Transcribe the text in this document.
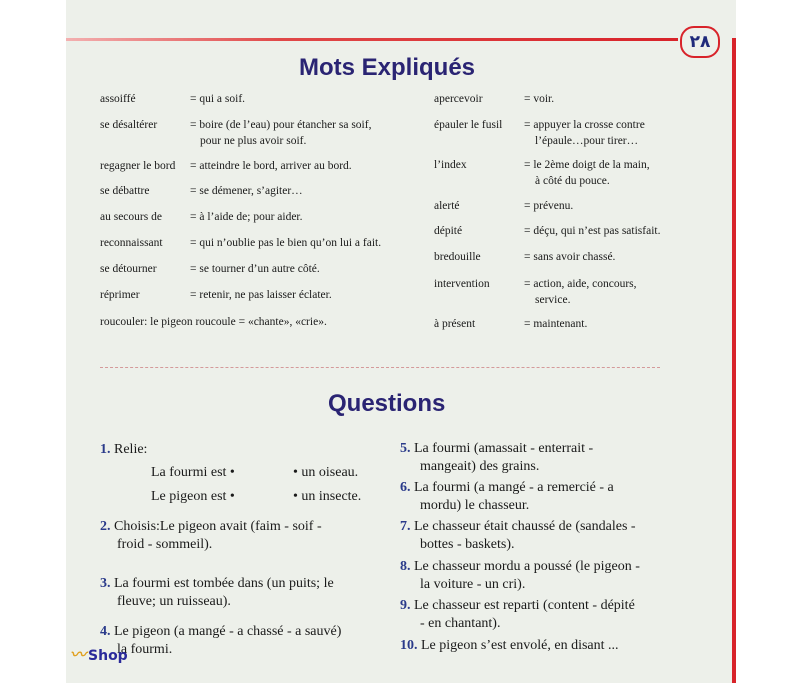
٢٨
Mots Expliqués
assoiffé	= qui a soif.
se désaltérer	= boire (de l’eau) pour étancher sa soif,
pour ne plus avoir soif.
regagner le bord = atteindre le bord, arriver au bord.
se débattre	= se démener, s’agiter…
au secours de = à l’aide de; pour aider.
reconnaissant = qui n’oublie pas le bien qu’on lui a fait.
se détourner	= se tourner d’un autre côté.
réprimer	= retenir, ne pas laisser éclater.
roucouler: le pigeon roucoule = «chante», «crie».
apercevoir	= voir.
épauler le fusil = appuyer la crosse contre
l’épaule…pour tirer…
l’index	= le 2ème doigt de la main,
à côté du pouce.
alerté	= prévenu.
dépité	= déçu, qui n’est pas satisfait.
bredouille	= sans avoir chassé.
intervention	= action, aide, concours,
service.
à présent	= maintenant.
Questions
1. Relie:
La fourmi est •	• un oiseau.
Le pigeon est •	• un insecte.
2. Choisis:Le pigeon avait (faim - soif -
froid - sommeil).
3. La fourmi est tombée dans (un puits; le
fleuve; un ruisseau).
4. Le pigeon (a mangé - a chassé - a sauvé)
la fourmi.
5. La fourmi (amassait - enterrait -
mangeait) des grains.
6. La fourmi (a mangé - a remercié - a
mordu) le chasseur.
7. Le chasseur était chaussé de (sandales -
bottes - baskets).
8. Le chasseur mordu a poussé (le pigeon -
la voiture - un cri).
9. Le chasseur est reparti (content - dépité
- en chantant).
10. Le pigeon s’est envolé, en disant ...
〰 Shop
